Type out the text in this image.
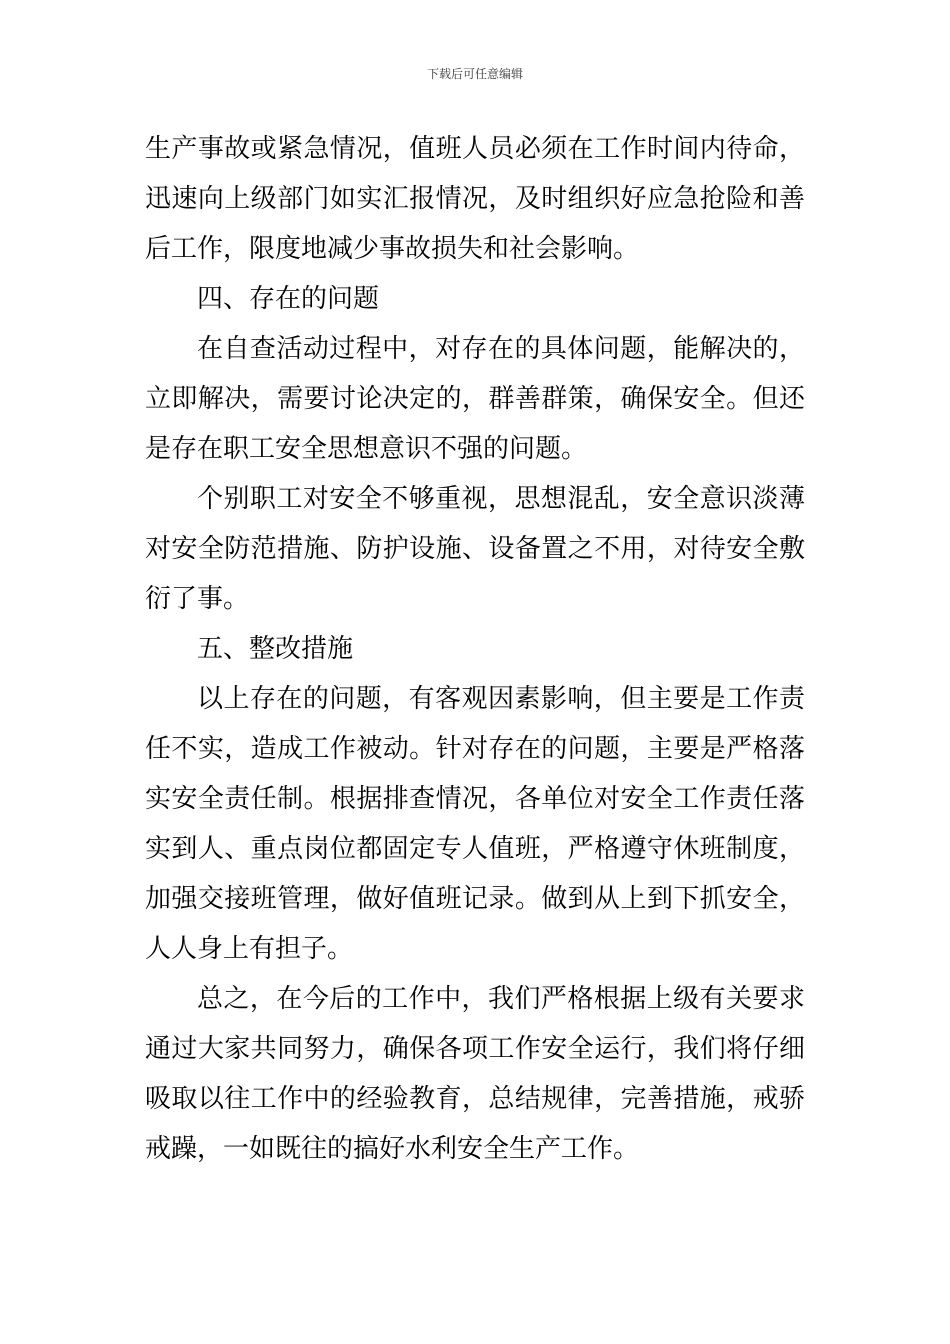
下载后可任意编辑
生产事故或紧急情况，值班人员必须在工作时间内待命，
迅速向上级部门如实汇报情况，及时组织好应急抢险和善
后工作，限度地减少事故损失和社会影响。
四、存在的问题
在自查活动过程中，对存在的具体问题，能解决的，
立即解决，需要讨论决定的，群善群策，确保安全。但还
是存在职工安全思想意识不强的问题。
个别职工对安全不够重视，思想混乱，安全意识淡薄
对安全防范措施、防护设施、设备置之不用，对待安全敷
衍了事。
五、整改措施
以上存在的问题，有客观因素影响，但主要是工作责
任不实，造成工作被动。针对存在的问题，主要是严格落
实安全责任制。根据排查情况，各单位对安全工作责任落
实到人、重点岗位都固定专人值班，严格遵守休班制度，
加强交接班管理，做好值班记录。做到从上到下抓安全，
人人身上有担子。
总之，在今后的工作中，我们严格根据上级有关要求
通过大家共同努力，确保各项工作安全运行，我们将仔细
吸取以往工作中的经验教育，总结规律，完善措施，戒骄
戒躁，一如既往的搞好水利安全生产工作。
